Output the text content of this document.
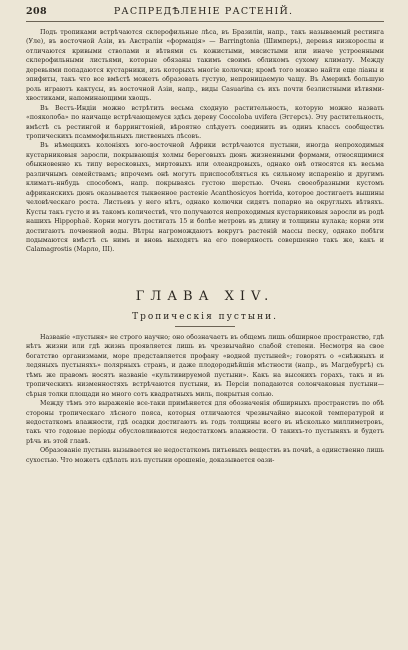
208	РАСПРЕДѢЛЕНІЕ РАСТЕНІЙ.

Подъ тропиками встрѣчаются склерофильные лѣса, въ Бразиліи, напр., такъ называемый рестинга (Уле), въ восточной Азіи, въ Австраліи «формація» — Barringtonia (Шимперъ), деревья низкорослы и отличаются кривыми стволами и вѣтвями съ кожистыми, мясистыми или иначе устроенными склерофильными листьями, которые обязаны такимъ своимъ обликомъ сухому климату. Между деревьями попадаются кустарники, изъ которыхъ многіе колючки; кромѣ того можно найти еще ліаны и эпифиты, такъ что все вмѣстѣ можетъ образовать густую, непроницаемую чащу. Въ Америкѣ большую роль играютъ кактусы, въ восточной Азіи, напр., виды Casuarina съ ихъ почти безлистными вѣтвями-хвостиками, напоминающими хвощъ.

Въ Вестъ-Индіи можно встрѣтить весьма сходную растительность, которую можно назвать «пояколоба» по наичаще встрѣчающемуся здѣсь дереву Coccoloba uvifera (Эггерсъ). Эту растительность, вмѣстѣ съ рестингой и баррингтоніей, вѣроятно слѣдуетъ соединить въ одинъ классъ сообществъ тропическихъ псаммофильныхъ лиственыхъ лѣсовъ.

Въ нѣмецкихъ колоніяхъ юго-восточной Африки встрѣчаются пустыни, иногда непроходимыя кустарниковыя заросли, покрывающія холмы береговыхъ дюнъ жизненными формами, относящимися обыкновенно къ типу вересковыхъ, миртовыхъ или олеандровыхъ, однако онѣ относятся къ весьма различнымъ семействамъ; впрочемъ онѣ могутъ приспособляться къ сильному испаренію и другимъ климатъ-ннбудь способомъ, напр. покрываясь густою шерстью. Очень своеобразными кустомъ африканскихъ дюнъ оказывается тыквенное растеніе Acanthosicyos horrida, которое достигаетъ вышины человѣческаго роста. Листьевъ у него нѣтъ, однако колючки сидятъ попарно на округлыхъ вѣтвяхъ. Кусты такъ густо и въ такомъ количествѣ, что получаются непроходимыя кустарниковыя заросли въ родѣ нашихъ Hippophaë. Корни могутъ достигать 15 и болѣе метровъ въ длину и толщины кулака; корни эти достигаютъ почвенной воды. Вѣтры нагромождаютъ вокругъ растеній массы песку, однако побѣги подымаются вмѣстѣ съ нимъ и вновь выходятъ на его поверхность совершенно такъ же, какъ и Calamagrostis (Марло, III).

ГЛАВА XIV.
Тропическія пустыни.

Названіе «пустыня» не строго научно; оно обозначаетъ въ общемъ лишь обширное пространство, гдѣ нѣтъ жизни или гдѣ жизнь проявляется лишь въ чрезвычайно слабой степени. Несмотря на свое богатство организмами, море представляется профану «водной пустыней»; говорятъ о «снѣжныхъ и ледяныхъ пустыняхъ» полярныхъ странъ, и даже плодороднѣйшія мѣстности (напр., въ Магдебургѣ) съ тѣмъ же правомъ носятъ названіе «культивируемой пустыни». Какъ на высокихъ горахъ, такъ и въ тропическихъ низменностяхъ встрѣчаются пустыни, въ Персіи попадаются солончаковыя пустыни—сѣрыя толки площади но много сотъ квадратныхъ миль, покрытыя солью.

Между тѣмъ это выраженіе все-таки примѣняется для обозначенія обширныхъ пространствъ по обѣ стороны тропическаго лѣсного пояса, которыя отличаются чрезвычайно высокой температурой и недостаткомъ влажности, гдѣ осадки достигаютъ въ годъ толщины всего въ нѣсколько миллиметровъ, такъ что годовые періоды обусловливаются недостаткомъ влажности. О такихъ-то пустыняхъ и будетъ рѣчь въ этой главѣ.

Образованіе пустынь вызывается не недостаткомъ питьевыхъ веществъ въ почвѣ, а единственно лишь сухостью. Что можетъ сдѣлать изъ пустыни орошеніе, доказывается оази-
